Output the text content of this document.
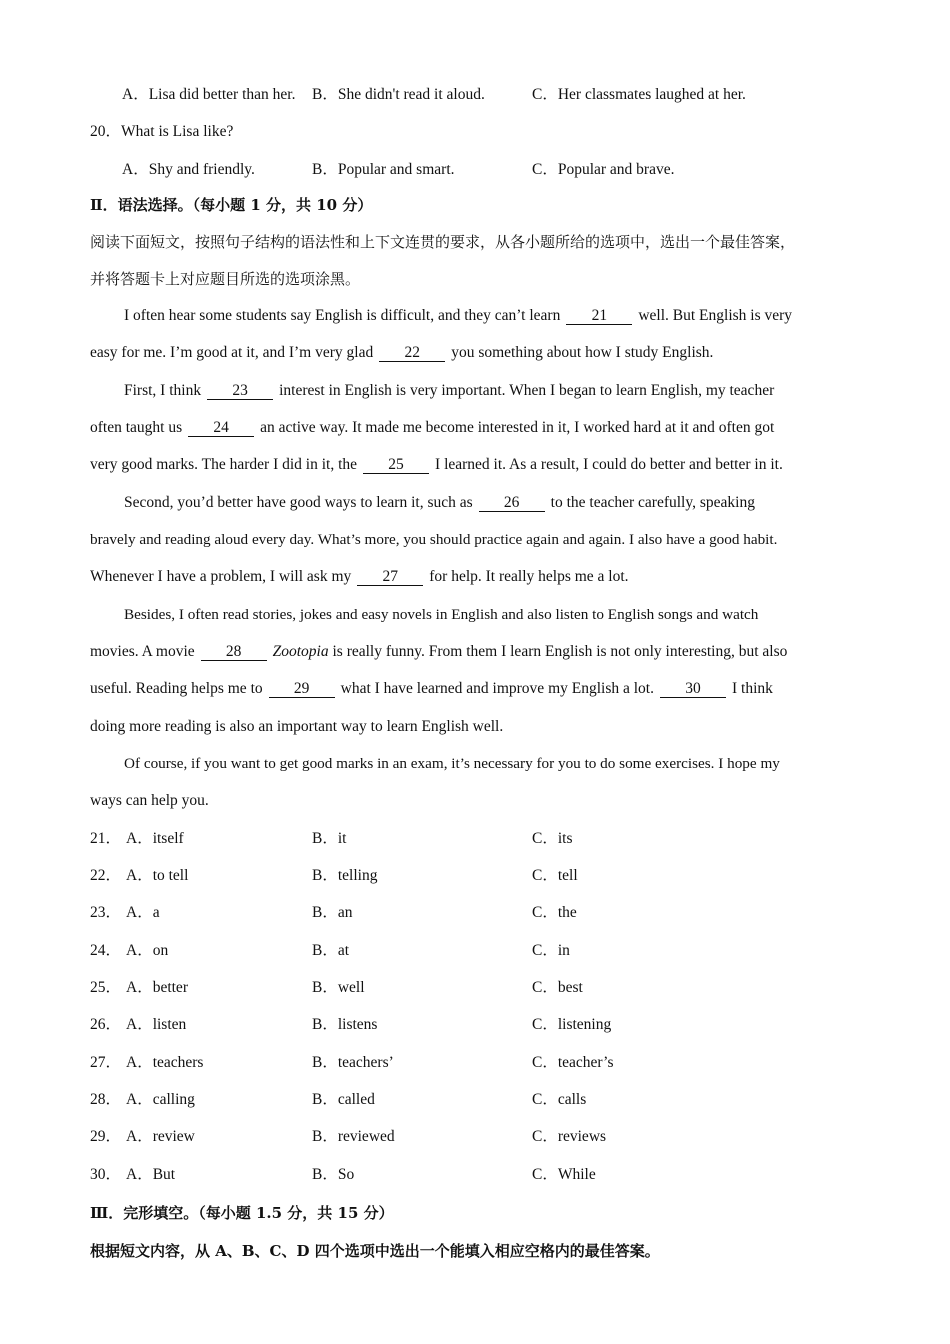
A．Lisa did better than her. B．She didn't read it aloud.	C．Her classmates laughed at her.
20．What is Lisa like?
A．Shy and friendly.	B．Popular and smart.	C．Popular and brave.
Ⅱ．语法选择。（每小题 1 分，共 10 分）
阅读下面短文，按照句子结构的语法性和上下文连贯的要求，从各小题所给的选项中，选出一个最佳答案，
并将答题卡上对应题目所选的选项涂黑。
I often hear some students say English is difficult, and they can’t learn 21 well. But English is very
easy for me. I’m good at it, and I’m very glad 22 you something about how I study English.
First, I think 23 interest in English is very important. When I began to learn English, my teacher
often taught us 24 an active way. It made me become interested in it, I worked hard at it and often got
very good marks. The harder I did in it, the 25 I learned it. As a result, I could do better and better in it.
Second, you’d better have good ways to learn it, such as 26 to the teacher carefully, speaking
bravely and reading aloud every day. What’s more, you should practice again and again. I also have a good habit.
Whenever I have a problem, I will ask my 27 for help. It really helps me a lot.
Besides, I often read stories, jokes and easy novels in English and also listen to English songs and watch
movies. A movie 28 Zootopia is really funny. From them I learn English is not only interesting, but also
useful. Reading helps me to 29 what I have learned and improve my English a lot. 30 I think
doing more reading is also an important way to learn English well.
Of course, if you want to get good marks in an exam, it’s necessary for you to do some exercises. I hope my
ways can help you.
21． A．itself	B．it	C．its
22． A．to tell	B．telling	C．tell
23． A．a	B．an	C．the
24． A．on	B．at	C．in
25． A．better	B．well	C．best
26． A．listen	B．listens	C．listening
27． A．teachers	B．teachers’	C．teacher’s
28． A．calling	B．called	C．calls
29． A．review	B．reviewed	C．reviews
30． A．But	B．So	C．While
Ⅲ．完形填空。（每小题 1.5 分，共 15 分）
根据短文内容，从 A、B、C、D 四个选项中选出一个能填入相应空格内的最佳答案。
